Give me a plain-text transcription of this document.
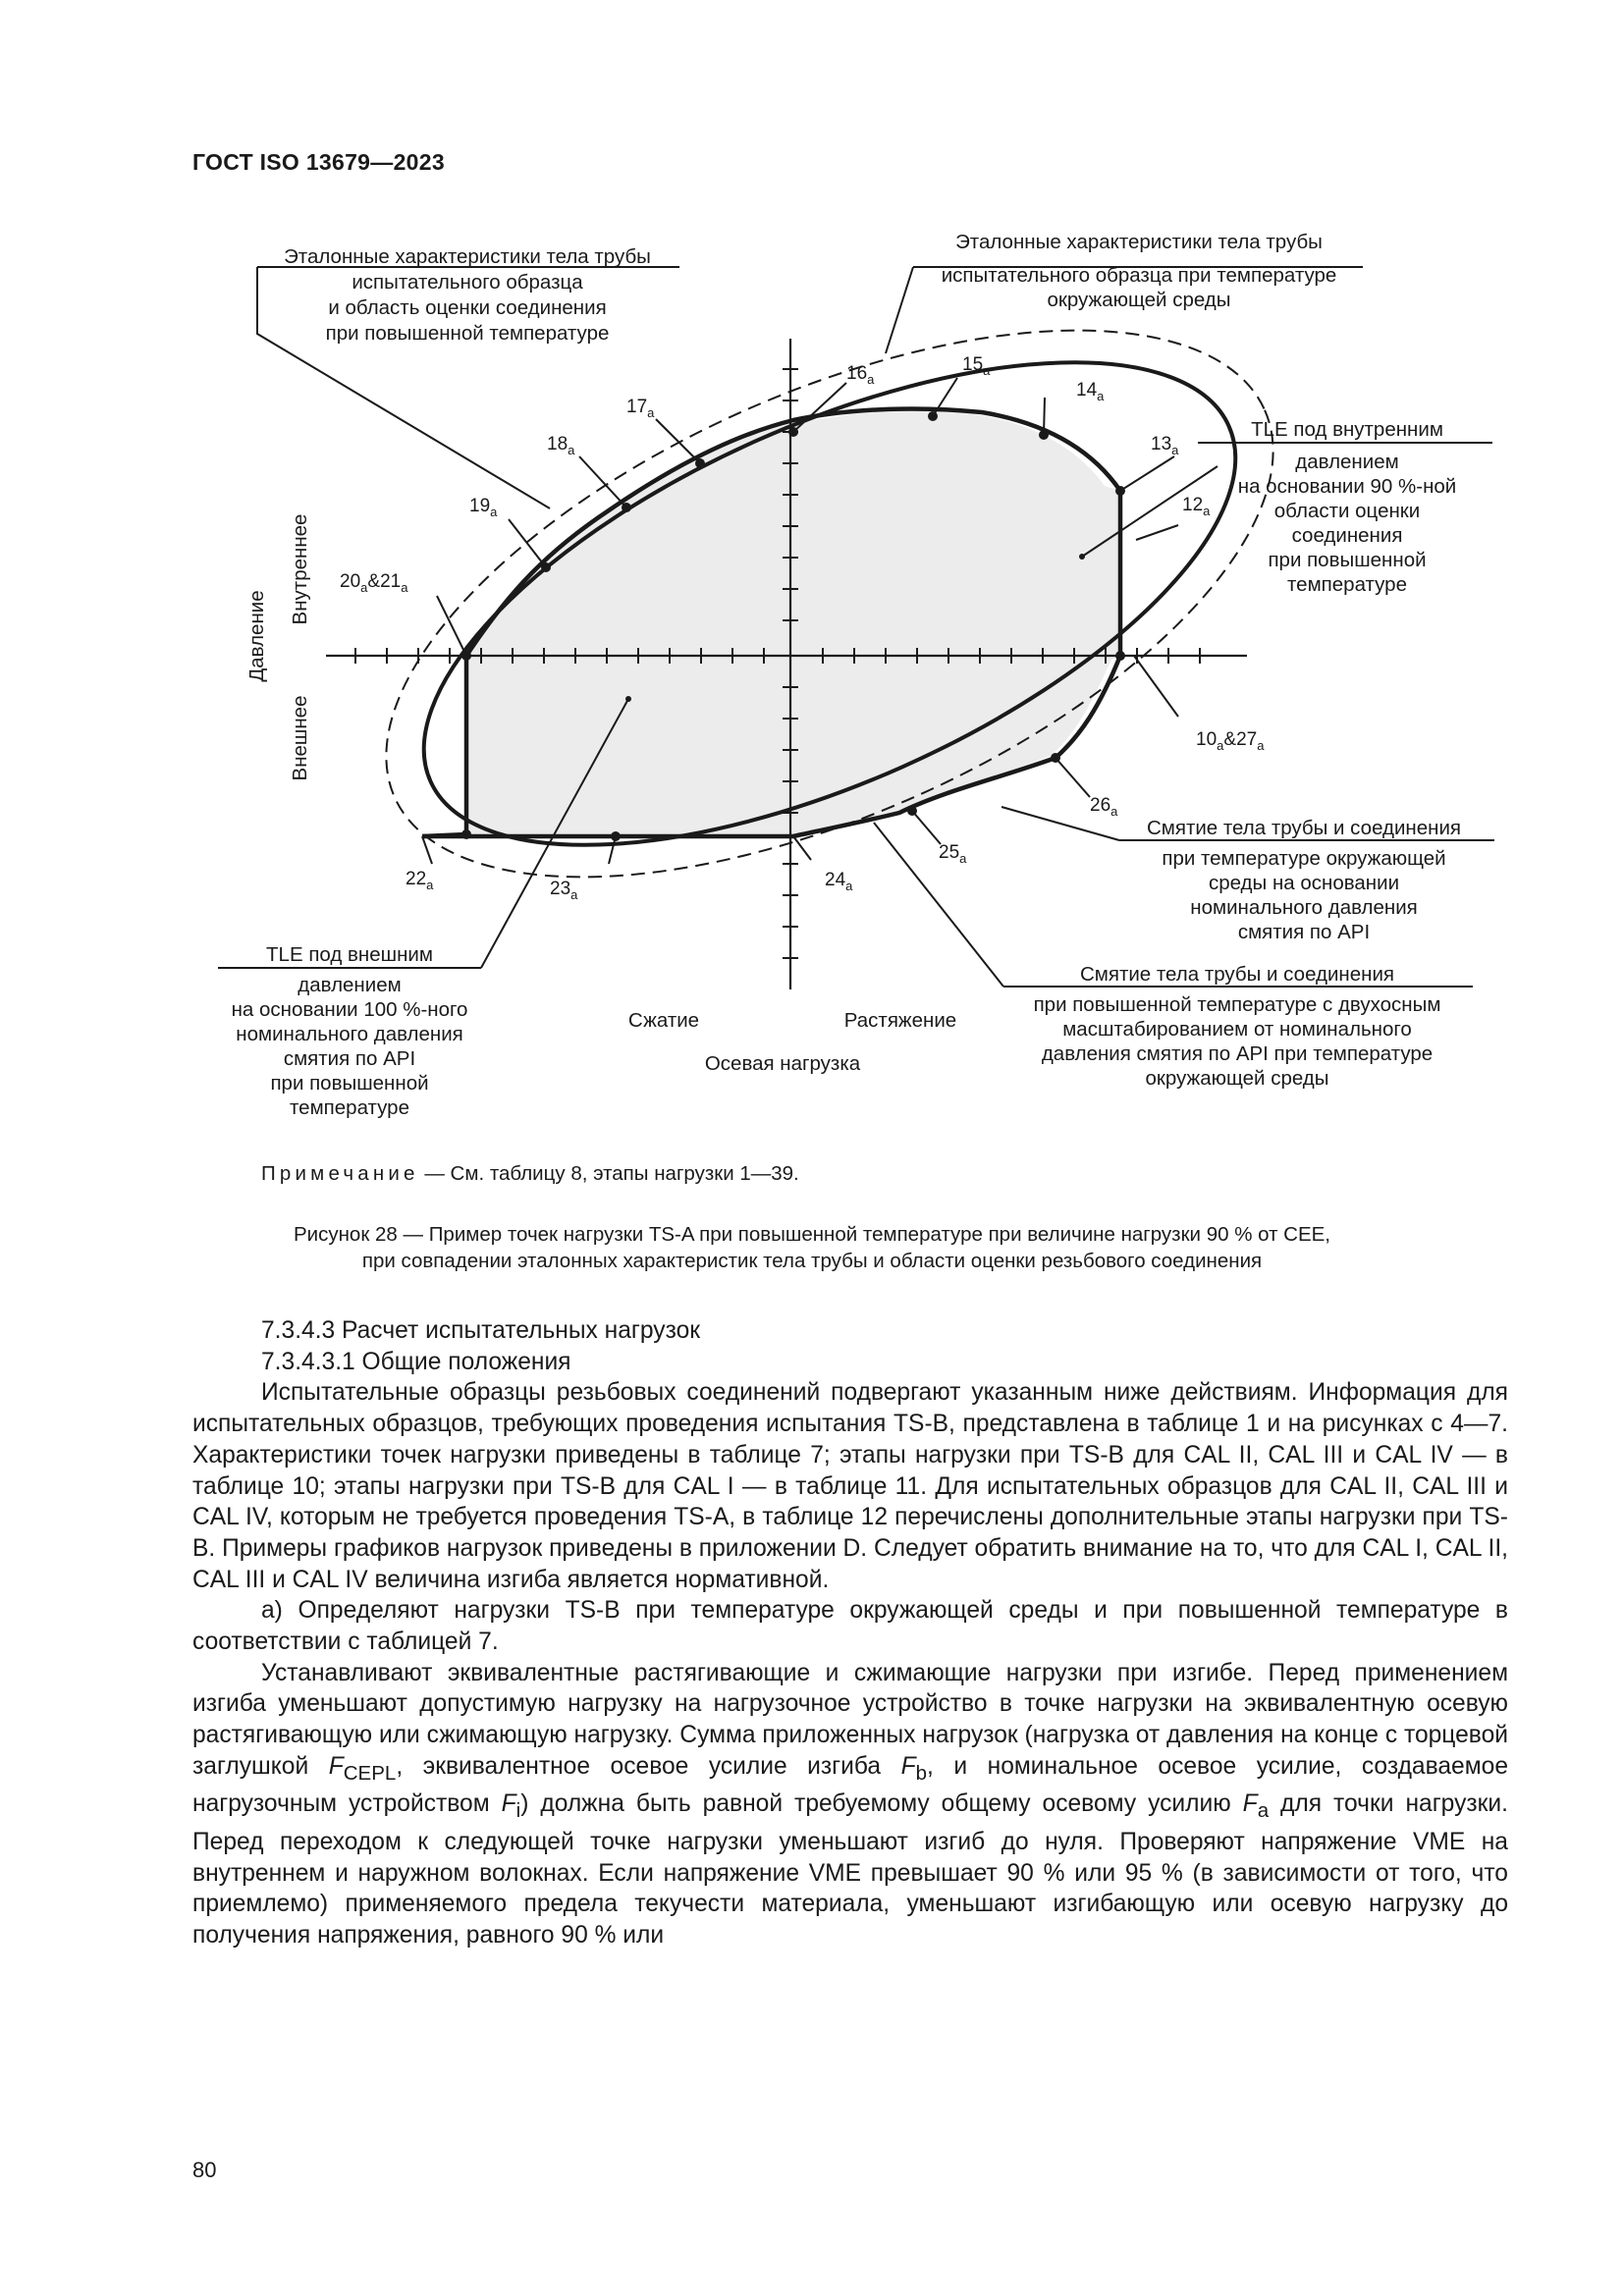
ГОСТ ISO 13679—2023
Эталонные характеристики тела трубы
испытательного образца
и область оценки соединения
при повышенной температуре
Эталонные характеристики тела трубы
испытательного образца при температуре
окружающей среды
TLE под внутренним
давлением
на основании 90 %-ной
области оценки
соединения
при повышенной
температуре
Смятие тела трубы и соединения
при температуре окружающей
среды на основании
номинального давления
смятия по API
Смятие тела трубы и соединения
при повышенной температуре с двухосным
масштабированием от номинального
давления смятия по API при температуре
окружающей среды
TLE под внешним
давлением
на основании 100 %-ного
номинального давления
смятия по API
при повышенной
температуре
Сжатие	Растяжение
Осевая нагрузка
Давление
Внутреннее
Внешнее	$10_a\&27_a$
$12_a$
$13_a$
$14_a$
$15_a$
$16_a$
$17_a$
$18_a$
$19_a$
$20_a\&21_a$
$22_a$	$23_a$
$24_a$
$25_a$
$26_a$
Примечание — См. таблицу 8, этапы нагрузки 1—39.
Рисунок 28 — Пример точек нагрузки TS-A при повышенной температуре при величине нагрузки 90 % от CEE,
при совпадении эталонных характеристик тела трубы и области оценки резьбового соединения

7.3.4.3 Расчет испытательных нагрузок

7.3.4.3.1 Общие положения

Испытательные образцы резьбовых соединений подвергают указанным ниже действиям. Информация для испытательных образцов, требующих проведения испытания TS-B, представлена в таблице 1 и на рисунках с 4—7. Характеристики точек нагрузки приведены в таблице 7; этапы нагрузки при TS-B для CAL II, CAL III и CAL IV — в таблице 10; этапы нагрузки при TS-B для CAL I — в таблице 11. Для испытательных образцов для CAL II, CAL III и CAL IV, которым не требуется проведения TS-A, в таблице 12 перечислены дополнительные этапы нагрузки при TS-B. Примеры графиков нагрузок приведены в приложении D. Следует обратить внимание на то, что для CAL I, CAL II, CAL III и CAL IV величина изгиба является нормативной.

a) Определяют нагрузки TS-B при температуре окружающей среды и при повышенной температуре в соответствии с таблицей 7.

Устанавливают эквивалентные растягивающие и сжимающие нагрузки при изгибе. Перед применением изгиба уменьшают допустимую нагрузку на нагрузочное устройство в точке нагрузки на эквивалентную осевую растягивающую или сжимающую нагрузку. Сумма приложенных нагрузок (нагрузка от давления на конце с торцевой заглушкой $F_{CEPL}$, эквивалентное осевое усилие изгиба $F_b$, и номинальное осевое усилие, создаваемое нагрузочным устройством $F_i$) должна быть равной требуемому общему осевому усилию $F_a$ для точки нагрузки. Перед переходом к следующей точке нагрузки уменьшают изгиб до нуля. Проверяют напряжение VME на внутреннем и наружном волокнах. Если напряжение VME превышает 90 % или 95 % (в зависимости от того, что приемлемо) применяемого предела текучести материала, уменьшают изгибающую или осевую нагрузку до получения напряжения, равного 90 % или

80
